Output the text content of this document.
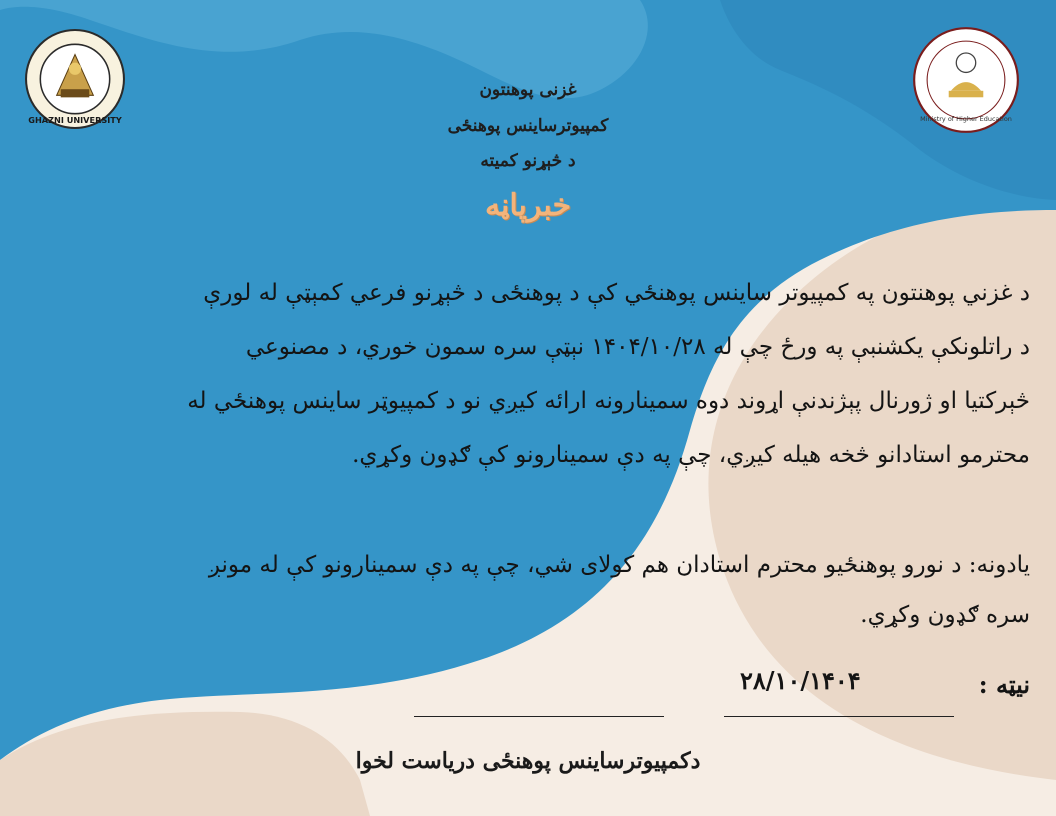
GHAZNI UNIVERSITY	Ministry of Higher Education
غزنی پوهنتون
کمپیوترساینس پوهنځی
د څېړنو کمیته
خبرپاڼه

د غزني پوهنتون په کمپیوتر ساینس پوهنځي کې د پوهنځی د څېړنو فرعي کمېټې له لورې

د راتلونکې یکشنبې په ورځ چې له ۱۴۰۴/۱۰/۲۸ نېټې سره سمون خوري، د مصنوعي

څېرکتیا او ژورنال پېژندنې اړوند دوه سمینارونه ارائه کیږي نو د کمپیوټر ساینس پوهنځي له

محترمو استادانو څخه هیله کیږي، چې په دې سمینارونو کې ګډون وکړي.

یادونه: د نورو پوهنځیو محترم استادان هم کولای شي، چې په دې سمینارونو کې له مونږ

سره ګډون وکړي.

نیټه :
۲۸/۱۰/۱۴۰۴
دکمپیوترساینس پوهنځی دریاست لخوا
